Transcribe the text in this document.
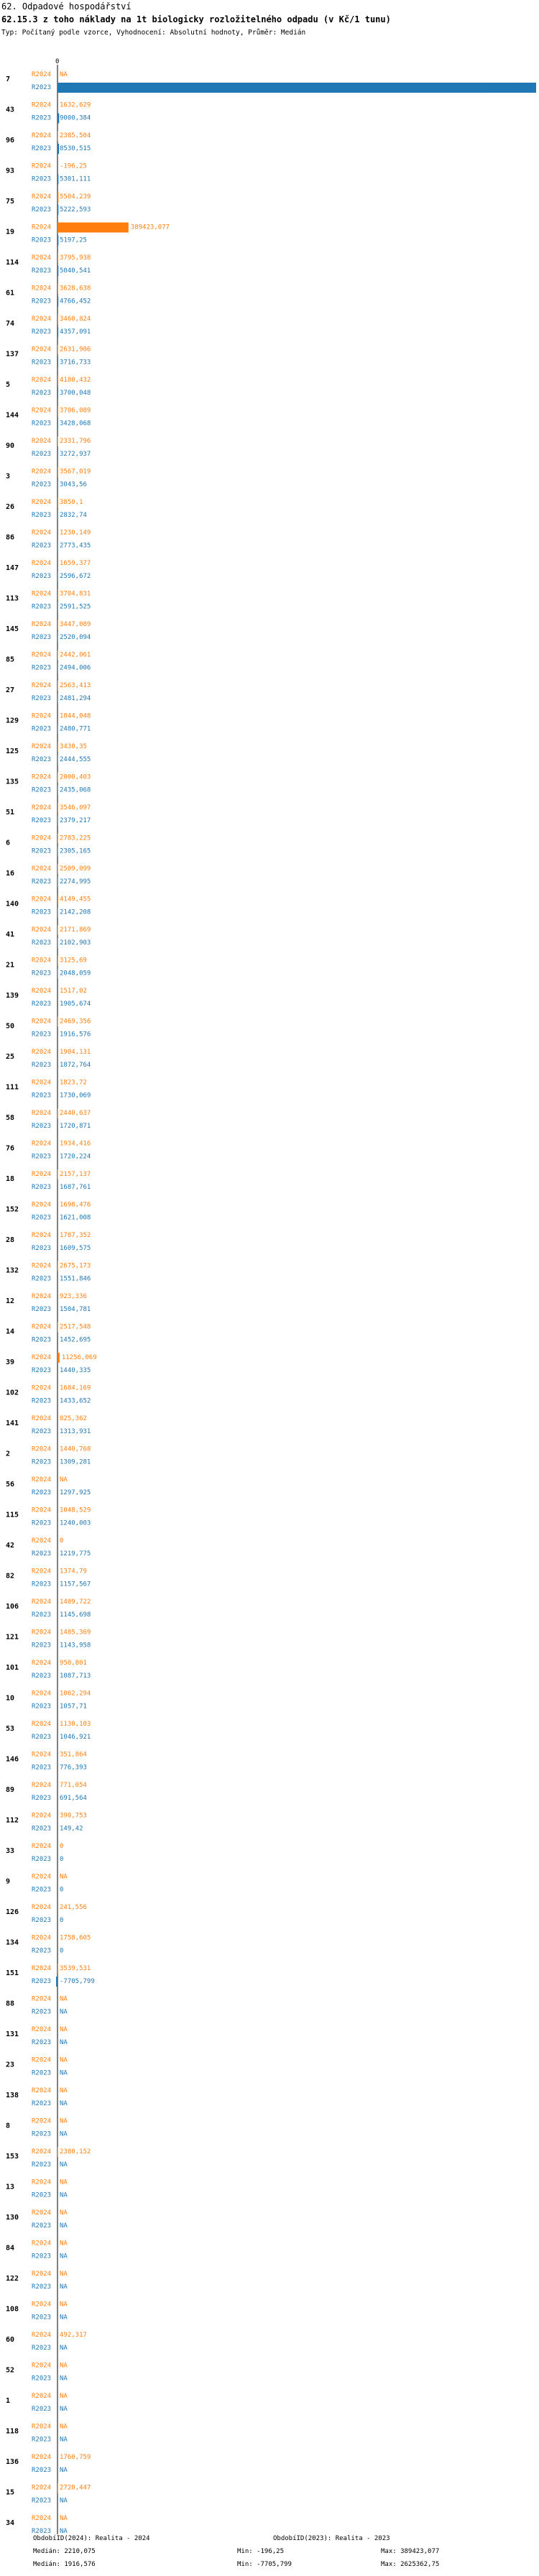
62. Odpadové hospodářství
62.15.3 z toho náklady na 1t biologicky rozložitelného odpadu (v Kč/1 tunu)
Typ: Počítaný podle vzorce, Vyhodnocení: Absolutní hodnoty, Průměr: Medián
0
7
R2024
R2023
NA
2625362,75
43
R2024
R2023
1632,629
9000,384
96
R2024
R2023
2385,504
8530,515
93
R2024
R2023
-196,25
5301,111
75
R2024
R2023
5504,239
5222,593
19
R2024
R2023
389423,077
5197,25
114
R2024
R2023
3795,938
5040,541
61
R2024
R2023
3628,638
4766,452
74
R2024
R2023
3460,824
4357,091
137
R2024
R2023
2631,906
3716,733
5
R2024
R2023
4180,432
3700,048
144
R2024
R2023
3706,089
3428,068
90
R2024
R2023
2331,796
3272,937
3
R2024
R2023
3567,019
3043,56
26
R2024
R2023
3850,1
2832,74
86
R2024
R2023
1230,149
2773,435
147
R2024
R2023
1659,377
2596,672
113
R2024
R2023
3704,831
2591,525
145
R2024
R2023
3447,089
2520,094
85
R2024
R2023
2442,061
2494,006
27
R2024
R2023
2563,413
2481,294
129
R2024
R2023
1844,048
2480,771
125
R2024
R2023
3430,35
2444,555
135
R2024
R2023
2000,403
2435,068
51
R2024
R2023
3546,097
2379,217
6
R2024
R2023
2783,225
2305,165
16
R2024
R2023
2509,099
2274,995
140
R2024
R2023
4149,455
2142,208
41
R2024
R2023
2171,869
2102,903
21
R2024
R2023
3125,69
2048,059
139
R2024
R2023
1517,02
1905,674
50
R2024
R2023
2469,356
1916,576
25
R2024
R2023
1904,131
1872,764
111
R2024
R2023
1823,72
1730,069
58
R2024
R2023
2440,637
1720,871
76
R2024
R2023
1934,416
1720,224
18
R2024
R2023
2157,137
1687,761
152
R2024
R2023
1698,476
1621,008
28
R2024
R2023
1787,352
1609,575
132
R2024
R2023
2675,173
1551,846
12
R2024
R2023
923,336
1504,781
14
R2024
R2023
2517,548
1452,695
39
R2024
R2023
11256,069
1440,335
102
R2024
R2023
1684,169
1433,652
141
R2024
R2023
825,362
1313,931
2
R2024
R2023
1440,768
1309,281
56
R2024
R2023
NA
1297,925
115
R2024
R2023
1048,529
1240,003
42
R2024
R2023
0
1219,775
82
R2024
R2023
1374,79
1157,567
106
R2024
R2023
1409,722
1145,698
121
R2024
R2023
1485,369
1143,958
101
R2024
R2023
950,801
1087,713
10
R2024
R2023
1062,294
1057,71
53
R2024
R2023
1130,103
1046,921
146
R2024
R2023
351,864
776,393
89
R2024
R2023
771,054
691,564
112
R2024
R2023
390,753
149,42
33
R2024
R2023
0
0
9
R2024
R2023
NA
0
126
R2024
R2023
241,556
0
134
R2024
R2023
1758,605
0
151
R2024
R2023
3539,531
-7705,799
88
R2024
R2023
NA
NA
131
R2024
R2023
NA
NA
23
R2024
R2023
NA
NA
138
R2024
R2023
NA
NA
8
R2024
R2023
NA
NA
153
R2024
R2023
2380,152
NA
13
R2024
R2023
NA
NA
130
R2024
R2023
NA
NA
84
R2024
R2023
NA
NA
122
R2024
R2023
NA
NA
108
R2024
R2023
NA
NA
60
R2024
R2023
492,317
NA
52
R2024
R2023
NA
NA
1
R2024
R2023
NA
NA
118
R2024
R2023
NA
NA
136
R2024
R2023
1760,759
NA
15
R2024
R2023
2720,447
NA
34
R2024
R2023
NA
NA
ObdobíID(2024): Realita - 2024
Medián: 2210,075	Min: -196,25	Max: 389423,077
ObdobíID(2023): Realita - 2023
Medián: 1916,576	Min: -7705,799	Max: 2625362,75
